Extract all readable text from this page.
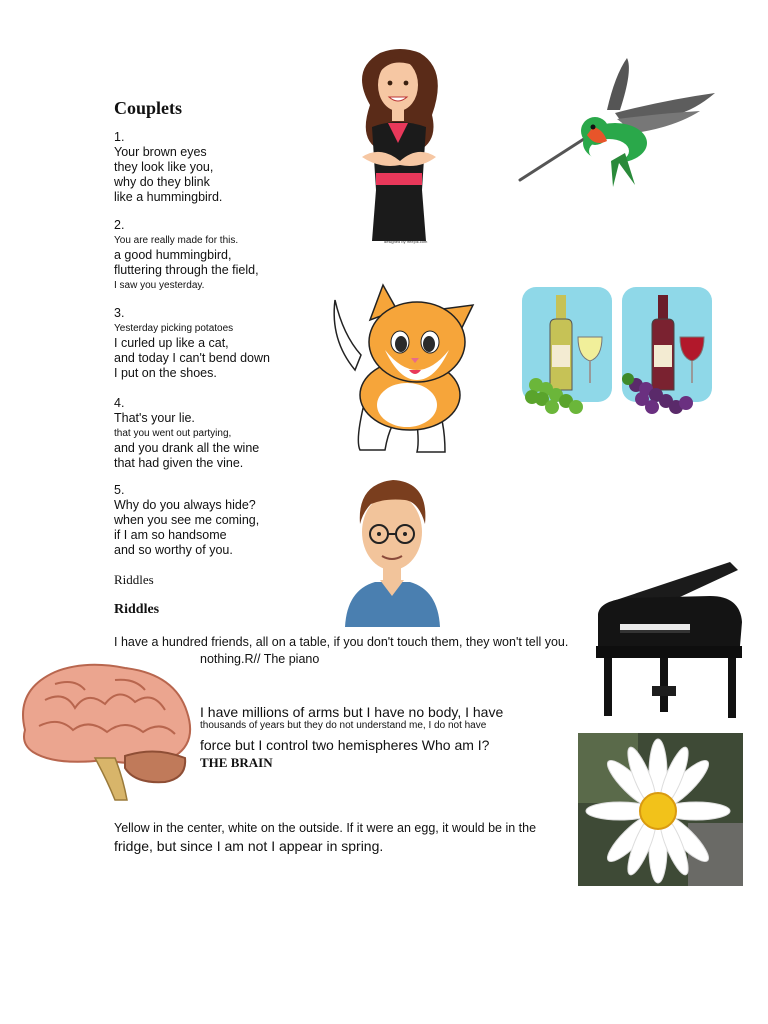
Couplets
1.
Your brown eyes
they look like you,
why do they blink
like a hummingbird.
2.
You are really made for this.
a good hummingbird,
fluttering through the field,
I saw you yesterday.
3.
Yesterday picking potatoes
I curled up like a cat,
and today I can't bend down
I put on the shoes.
4.
That's your lie.
that you went out partying,
and you drank all the wine
that had given the vine.
5.
Why do you always hide?
when you see me coming,
if I am so handsome
and so worthy of you.
Riddles
Riddles
I have a hundred friends, all on a table, if you don't touch them, they won't tell you.
nothing.R// The piano
I have millions of arms but I have no body, I have
thousands of years but they do not understand me, I do not have
force but I control two hemispheres Who am I?
THE BRAIN
Yellow in the center, white on the outside. If it were an egg, it would be in the
fridge, but since I am not I appear in spring.
designed by freepik.com
